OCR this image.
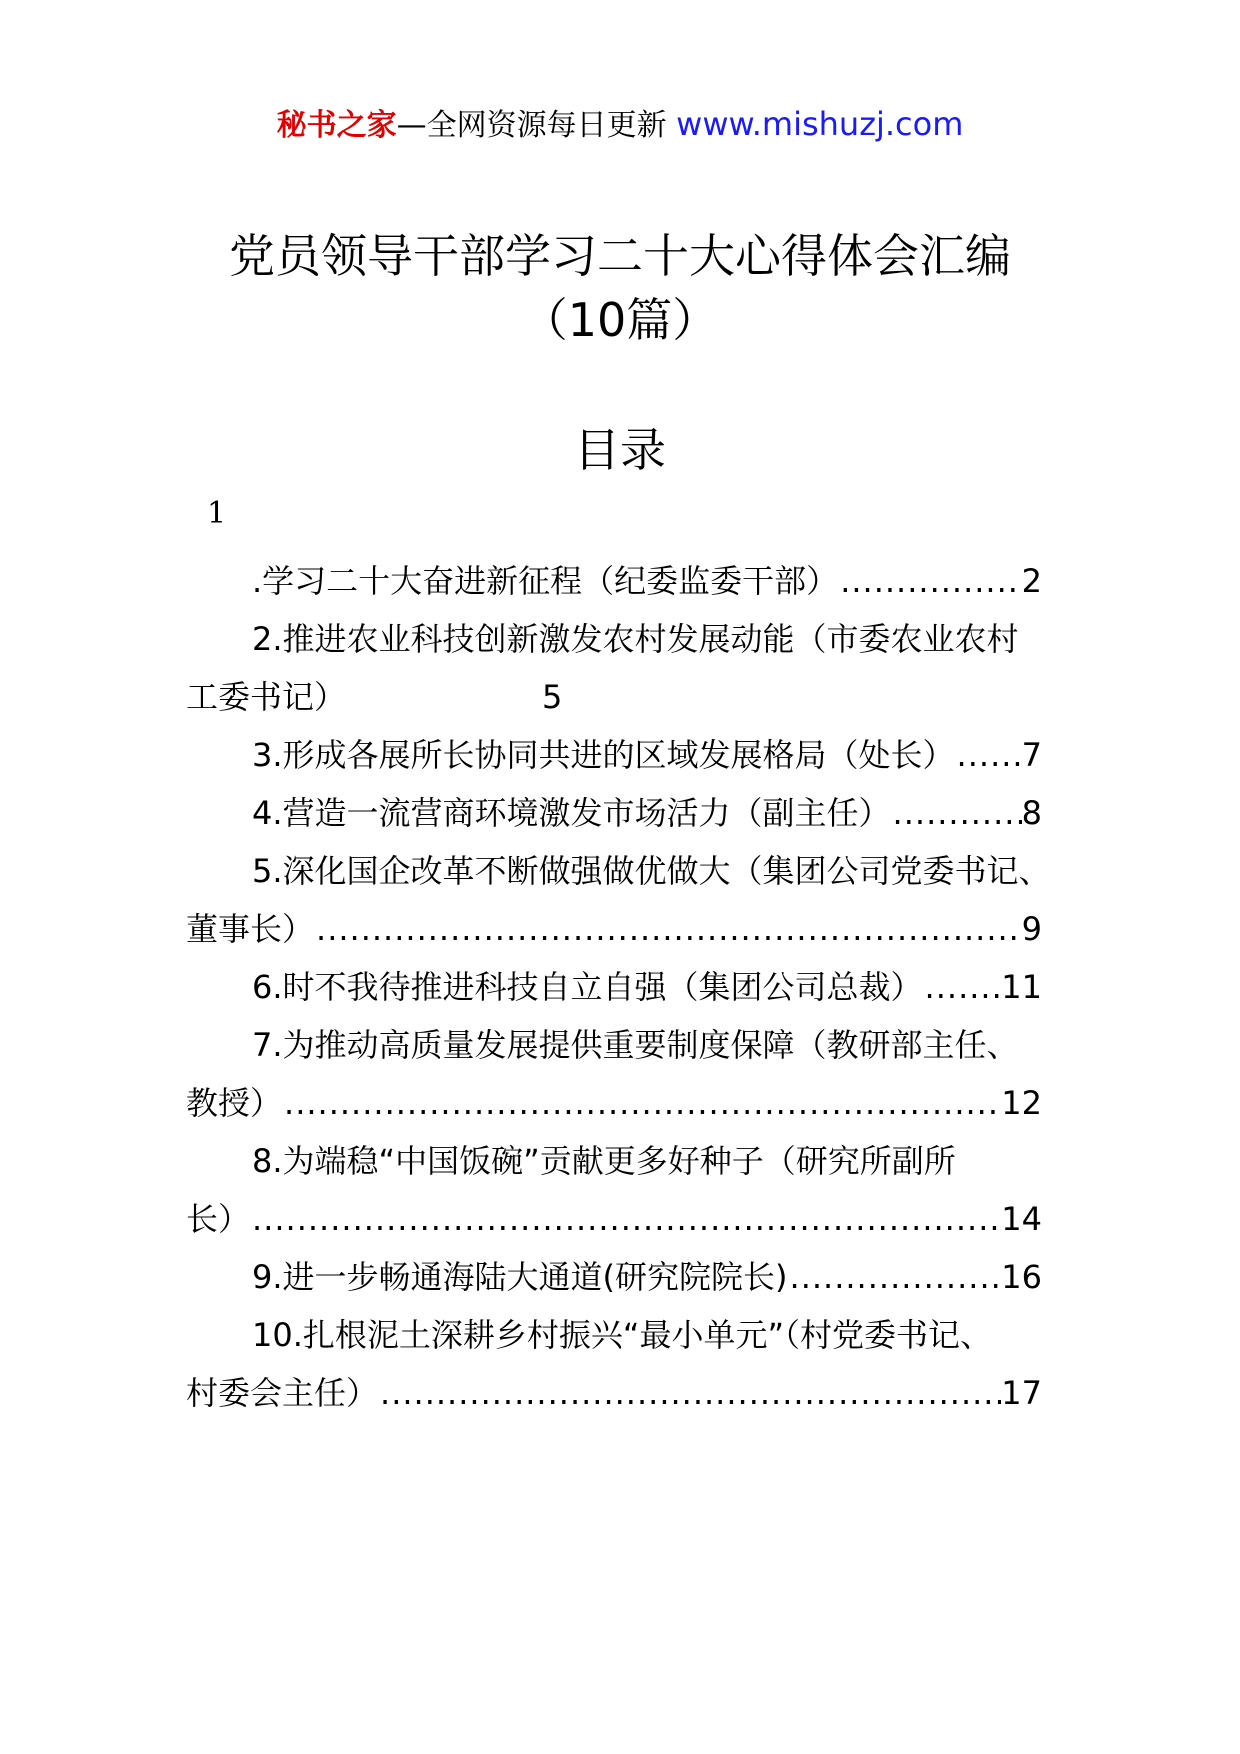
秘书之家—全网资源每日更新 www.mishuzj.com
党员领导干部学习二十大心得体会汇编
（10篇）
目录
1
.学习二十大奋进新征程（纪委监委干部） .....	2
2.推进农业科技创新激发农村发展动能（市委农业农村
工委书记）	5
3.形成各展所长协同共进的区域发展格局（处长） ..... 7
4.营造一流营商环境激发市场活力（副主任） .....	8
5.深化国企改革不断做强做优做大（集团公司党委书记、
董事长） .....	9
6.时不我待推进科技自立自强（集团公司总裁） ..... 11
7.为推动高质量发展提供重要制度保障（教研部主任、
教授） .....	12
8.为端稳“中国饭碗”贡献更多好种子（研究所副所
长） .....	14
9.进一步畅通海陆大通道(研究院院长) .....	16
10.扎根泥土深耕乡村振兴“最小单元”（村党委书记、
村委会主任） .....	17
